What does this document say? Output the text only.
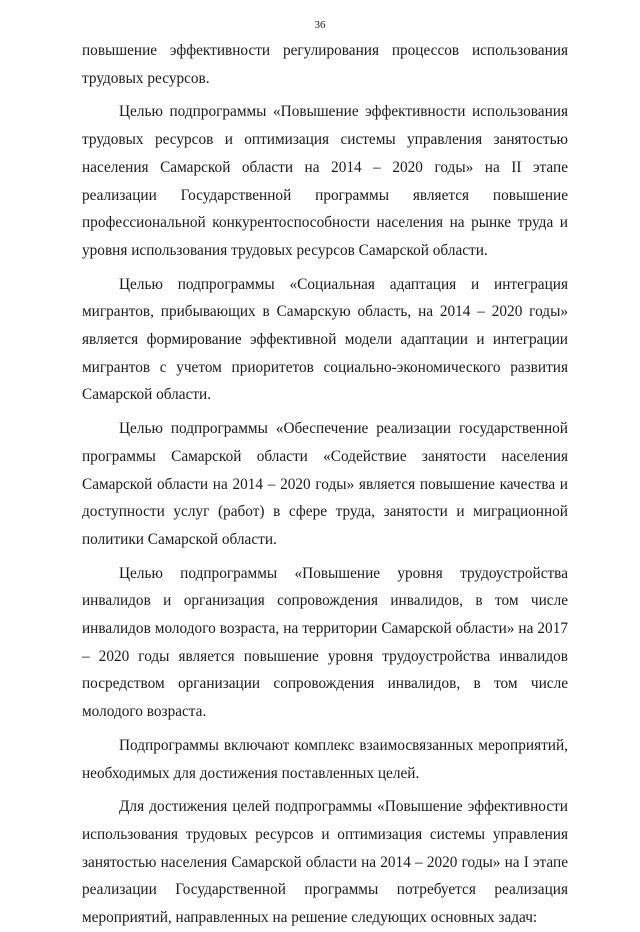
36

повышение эффективности регулирования процессов использования трудовых ресурсов.

Целью подпрограммы «Повышение эффективности использования трудовых ресурсов и оптимизация системы управления занятостью населения Самарской области на 2014 – 2020 годы» на II этапе реализации Государственной программы является повышение профессиональной конкурентоспособности населения на рынке труда и уровня использования трудовых ресурсов Самарской области.

Целью подпрограммы «Социальная адаптация и интеграция мигрантов, прибывающих в Самарскую область, на 2014 – 2020 годы» является формирование эффективной модели адаптации и интеграции мигрантов с учетом приоритетов социально-экономического развития Самарской области.

Целью подпрограммы «Обеспечение реализации государственной программы Самарской области «Содействие занятости населения Самарской области на 2014 – 2020 годы» является повышение качества и доступности услуг (работ) в сфере труда, занятости и миграционной политики Самарской области.

Целью подпрограммы «Повышение уровня трудоустройства инвалидов и организация сопровождения инвалидов, в том числе инвалидов молодого возраста, на территории Самарской области» на 2017 – 2020 годы является повышение уровня трудоустройства инвалидов посредством организации сопровождения инвалидов, в том числе молодого возраста.

Подпрограммы включают комплекс взаимосвязанных мероприятий, необходимых для достижения поставленных целей.

Для достижения целей подпрограммы «Повышение эффективности использования трудовых ресурсов и оптимизация системы управления занятостью населения Самарской области на 2014 – 2020 годы» на I этапе реализации Государственной программы потребуется реализация мероприятий, направленных на решение следующих основных задач:
